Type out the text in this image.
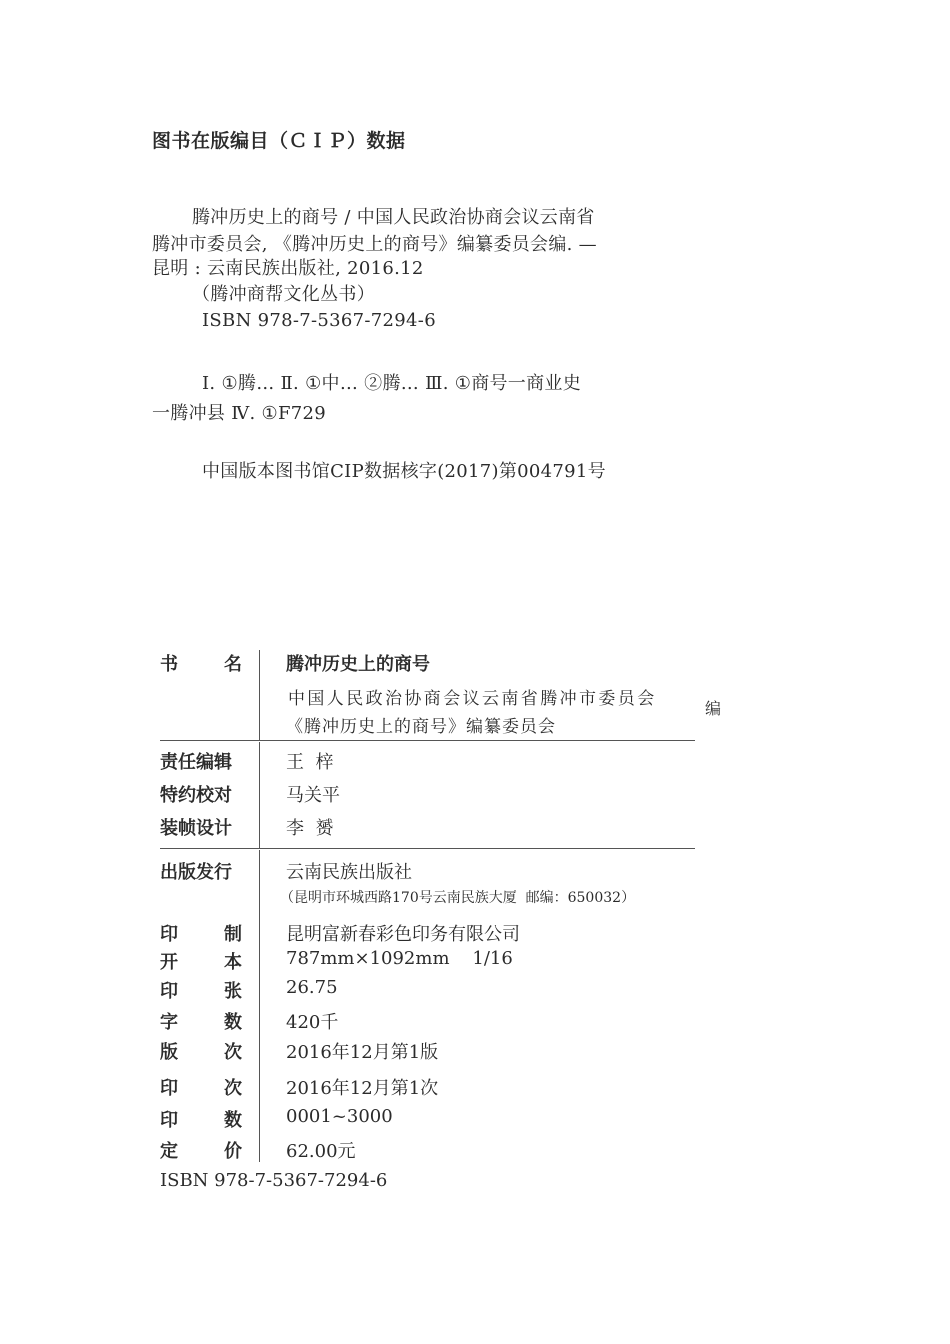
图书在版编目（ＣＩＰ）数据
腾冲历史上的商号 / 中国人民政治协商会议云南省
腾冲市委员会, 《腾冲历史上的商号》编纂委员会编. —
昆明 : 云南民族出版社, 2016.12
（腾冲商帮文化丛书）
ISBN 978-7-5367-7294-6
Ⅰ. ①腾… Ⅱ. ①中… ②腾… Ⅲ. ①商号一商业史
一腾冲县 Ⅳ. ①F729
中国版本图书馆CIP数据核字(2017)第004791号
书	名 腾冲历史上的商号
中国人民政治协商会议云南省腾冲市委员会
《腾冲历史上的商号》编纂委员会
编
责任编辑	王  梓
特约校对	马关平
装帧设计	李  赟
出版发行	云南民族出版社
（昆明市环城西路170号云南民族大厦  邮编：650032）
印	制 昆明富新春彩色印务有限公司
开	本 787mm×1092mm    1/16
印	张 26.75
字	数 420千
版	次 2016年12月第1版
印	次 2016年12月第1次
印	数 0001~3000
定	价 62.00元
ISBN 978-7-5367-7294-6
